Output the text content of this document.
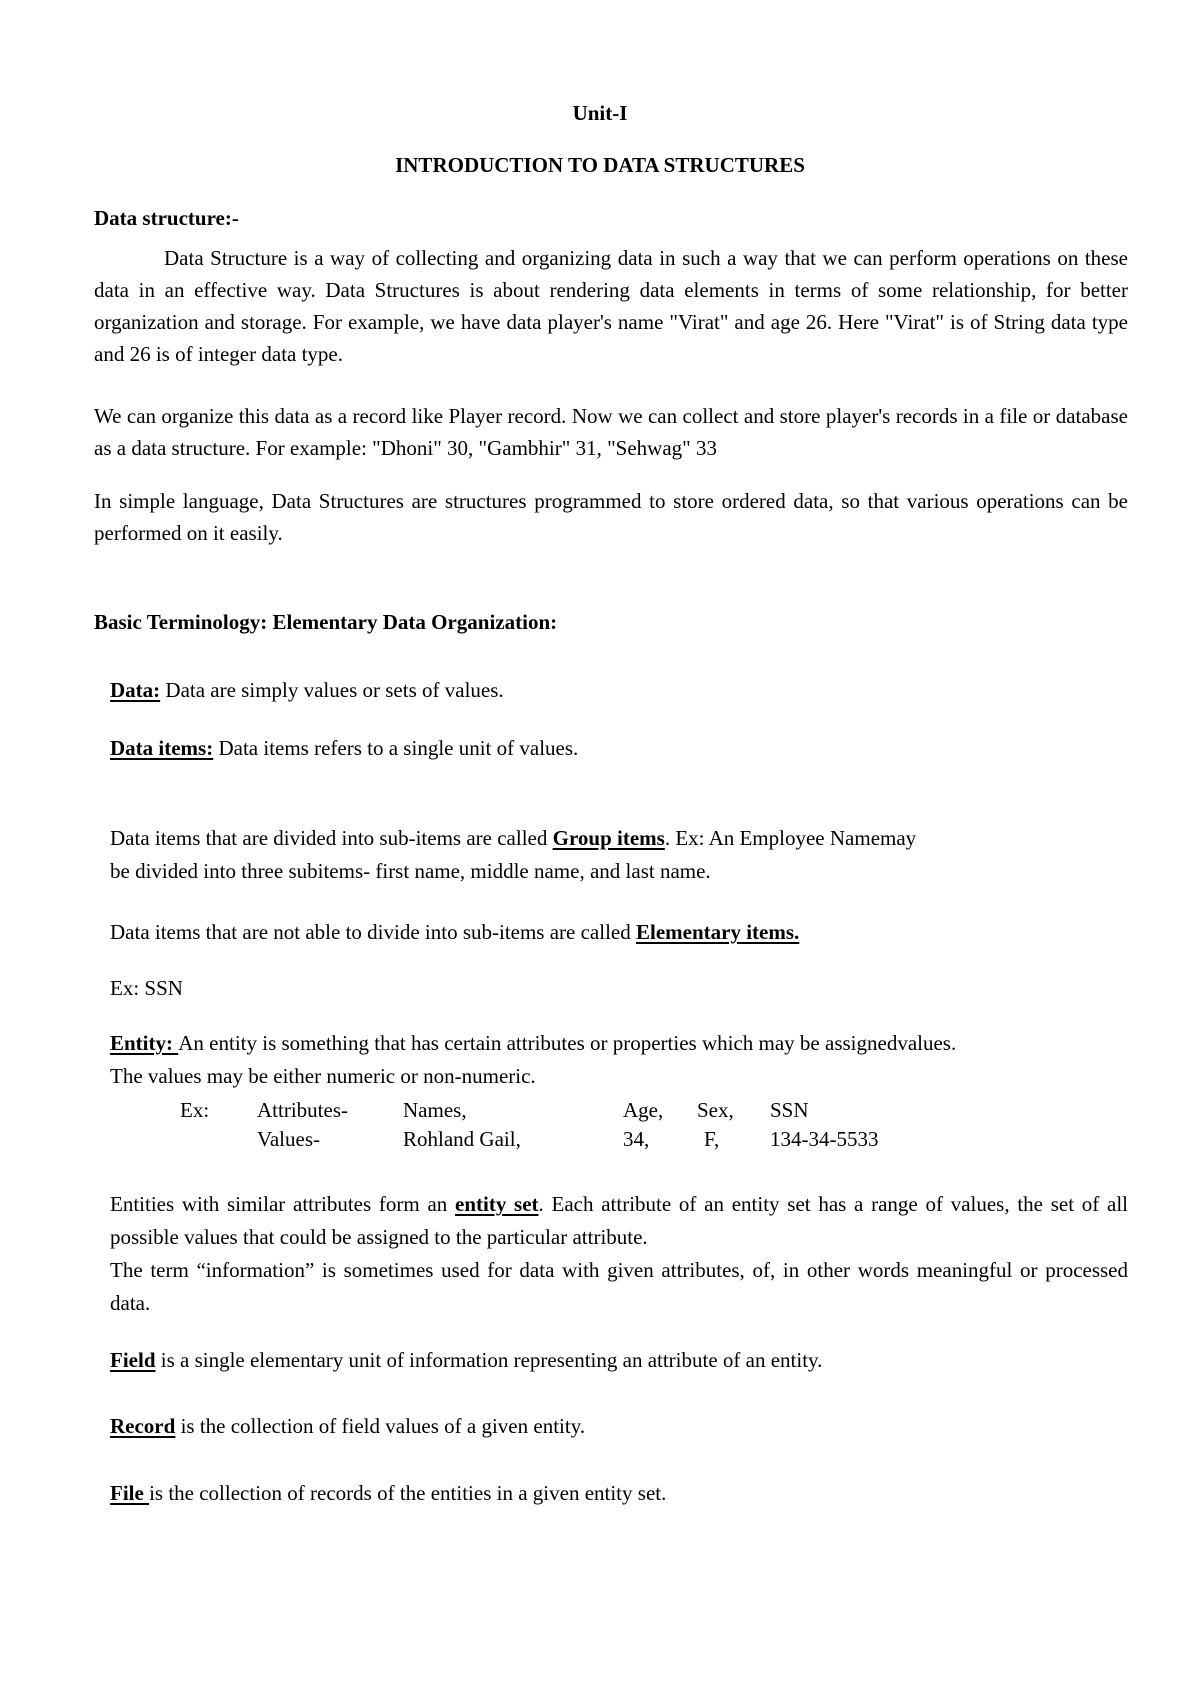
Unit-I

INTRODUCTION TO DATA STRUCTURES

Data structure:-

Data Structure is a way of collecting and organizing data in such a way that we can perform operations on these data in an effective way. Data Structures is about rendering data elements in terms of some relationship, for better organization and storage. For example, we have data player's name "Virat" and age 26. Here "Virat" is of String data type and 26 is of integer data type.

We can organize this data as a record like Player record. Now we can collect and store player's records in a file or database as a data structure. For example: "Dhoni" 30, "Gambhir" 31, "Sehwag" 33

In simple language, Data Structures are structures programmed to store ordered data, so that various operations can be performed on it easily.

Basic Terminology: Elementary Data Organization:

Data: Data are simply values or sets of values.

Data items: Data items refers to a single unit of values.

Data items that are divided into sub-items are called Group items. Ex: An Employee Namemay

be divided into three subitems- first name, middle name, and last name.

Data items that are not able to divide into sub-items are called Elementary items.

Ex: SSN

Entity: An entity is something that has certain attributes or properties which may be assignedvalues.

The values may be either numeric or non-numeric.

Ex: Attributes-	Names,	Age, Sex, SSN
Values-	Rohland Gail,	34,	F, 134-34-5533

Entities with similar attributes form an entity set. Each attribute of an entity set has a range of values, the set of all possible values that could be assigned to the particular attribute.

The term “information” is sometimes used for data with given attributes, of, in other words meaningful or processed data.

Field is a single elementary unit of information representing an attribute of an entity.

Record is the collection of field values of a given entity.

File is the collection of records of the entities in a given entity set.
